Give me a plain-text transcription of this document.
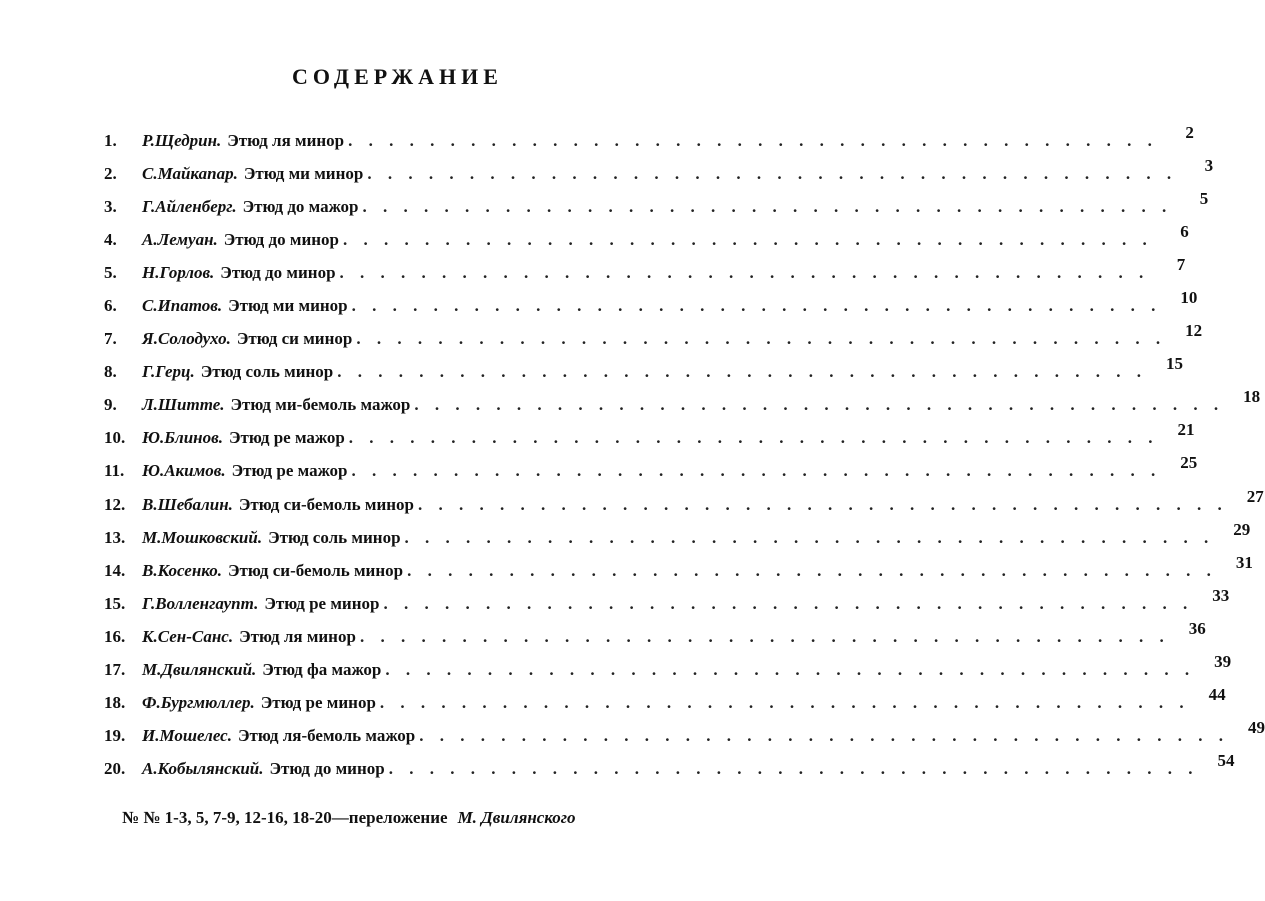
СОДЕРЖАНИЕ
1.	Р.Щедрин. Этюд ля минор . . . . . . . . . . . . . . . . . . . . . . . . . . . . . . . . . . . . . . . .	2
2.	С.Майкапар. Этюд ми минор . . . . . . . . . . . . . . . . . . . . . . . . . . . . . . . . . . . . . . . .	3
3.	Г.Айленберг. Этюд до мажор . . . . . . . . . . . . . . . . . . . . . . . . . . . . . . . . . . . . . . . .	5
4.	А.Лемуан. Этюд до минор . . . . . . . . . . . . . . . . . . . . . . . . . . . . . . . . . . . . . . . .	6
5.	Н.Горлов. Этюд до минор . . . . . . . . . . . . . . . . . . . . . . . . . . . . . . . . . . . . . . . .	7
6.	С.Ипатов. Этюд ми минор . . . . . . . . . . . . . . . . . . . . . . . . . . . . . . . . . . . . . . . .	10
7.	Я.Солодухо. Этюд си минор . . . . . . . . . . . . . . . . . . . . . . . . . . . . . . . . . . . . . . . .	12
8.	Г.Герц. Этюд соль минор . . . . . . . . . . . . . . . . . . . . . . . . . . . . . . . . . . . . . . . .	15
9.	Л.Шитте. Этюд ми-бемоль мажор . . . . . . . . . . . . . . . . . . . . . . . . . . . . . . . . . . . . . . . .	18
10. Ю.Блинов. Этюд ре мажор . . . . . . . . . . . . . . . . . . . . . . . . . . . . . . . . . . . . . . . .	21
11.	Ю.Акимов. Этюд ре мажор . . . . . . . . . . . . . . . . . . . . . . . . . . . . . . . . . . . . . . . .	25
12. В.Шебалин. Этюд си-бемоль минор . . . . . . . . . . . . . . . . . . . . . . . . . . . . . . . . . . . . . . . .	27
13. М.Мошковский. Этюд соль минор . . . . . . . . . . . . . . . . . . . . . . . . . . . . . . . . . . . . . . . .	29
14. В.Косенко. Этюд си-бемоль минор . . . . . . . . . . . . . . . . . . . . . . . . . . . . . . . . . . . . . . . .	31
15. Г.Волленгаупт. Этюд ре минор . . . . . . . . . . . . . . . . . . . . . . . . . . . . . . . . . . . . . . . .	33
16. К.Сен-Санс. Этюд ля минор . . . . . . . . . . . . . . . . . . . . . . . . . . . . . . . . . . . . . . . .	36
17. М.Двилянский. Этюд фа мажор . . . . . . . . . . . . . . . . . . . . . . . . . . . . . . . . . . . . . . . .	39
18. Ф.Бургмюллер. Этюд ре минор . . . . . . . . . . . . . . . . . . . . . . . . . . . . . . . . . . . . . . . .	44
19. И.Мошелес. Этюд ля-бемоль мажор . . . . . . . . . . . . . . . . . . . . . . . . . . . . . . . . . . . . . . . .	49
20. А.Кобылянский. Этюд до минор . . . . . . . . . . . . . . . . . . . . . . . . . . . . . . . . . . . . . . . .	54
№ № 1-3, 5, 7-9, 12-16, 18-20—переложение М. Двилянского
